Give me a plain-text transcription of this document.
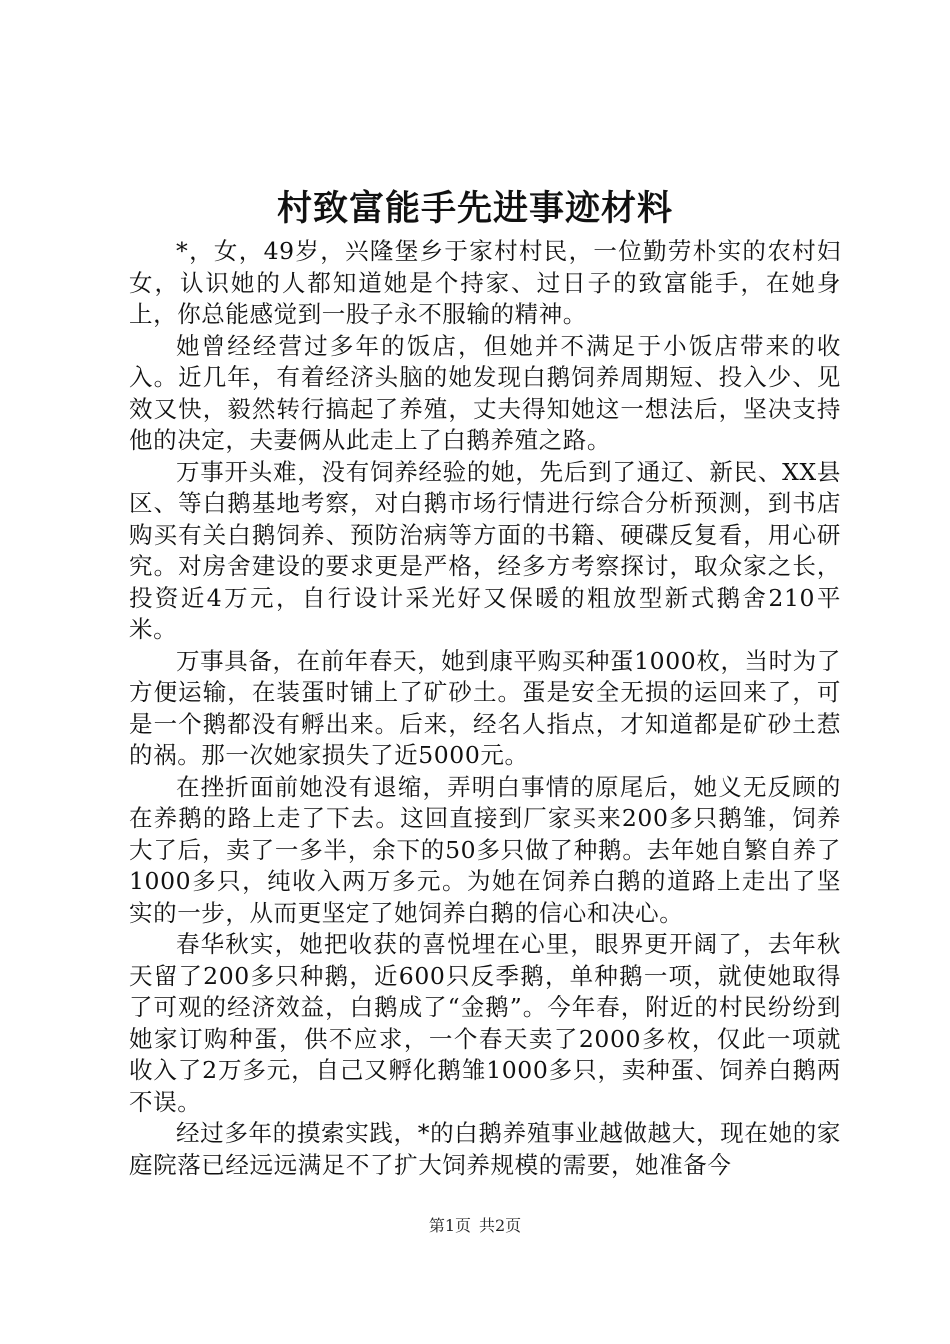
村致富能手先进事迹材料

*，女，49岁，兴隆堡乡于家村村民，一位勤劳朴实的农村妇女，认识她的人都知道她是个持家、过日子的致富能手，在她身上，你总能感觉到一股子永不服输的精神。

她曾经经营过多年的饭店，但她并不满足于小饭店带来的收入。近几年，有着经济头脑的她发现白鹅饲养周期短、投入少、见效又快，毅然转行搞起了养殖，丈夫得知她这一想法后，坚决支持他的决定，夫妻俩从此走上了白鹅养殖之路。

万事开头难，没有饲养经验的她，先后到了通辽、新民、XX县区、等白鹅基地考察，对白鹅市场行情进行综合分析预测，到书店购买有关白鹅饲养、预防治病等方面的书籍、硬碟反复看，用心研究。对房舍建设的要求更是严格，经多方考察探讨，取众家之长，投资近4万元，自行设计采光好又保暖的粗放型新式鹅舍210平米。

万事具备，在前年春天，她到康平购买种蛋1000枚，当时为了方便运输，在装蛋时铺上了矿砂土。蛋是安全无损的运回来了，可是一个鹅都没有孵出来。后来，经名人指点，才知道都是矿砂土惹的祸。那一次她家损失了近5000元。

在挫折面前她没有退缩，弄明白事情的原尾后，她义无反顾的在养鹅的路上走了下去。这回直接到厂家买来200多只鹅雏，饲养大了后，卖了一多半，余下的50多只做了种鹅。去年她自繁自养了1000多只，纯收入两万多元。为她在饲养白鹅的道路上走出了坚实的一步，从而更坚定了她饲养白鹅的信心和决心。

春华秋实，她把收获的喜悦埋在心里，眼界更开阔了，去年秋天留了200多只种鹅，近600只反季鹅，单种鹅一项，就使她取得了可观的经济效益，白鹅成了“金鹅”。今年春，附近的村民纷纷到她家订购种蛋，供不应求，一个春天卖了2000多枚，仅此一项就收入了2万多元，自己又孵化鹅雏1000多只，卖种蛋、饲养白鹅两不误。

经过多年的摸索实践，*的白鹅养殖事业越做越大，现在她的家庭院落已经远远满足不了扩大饲养规模的需要，她准备今

第1页 共2页
